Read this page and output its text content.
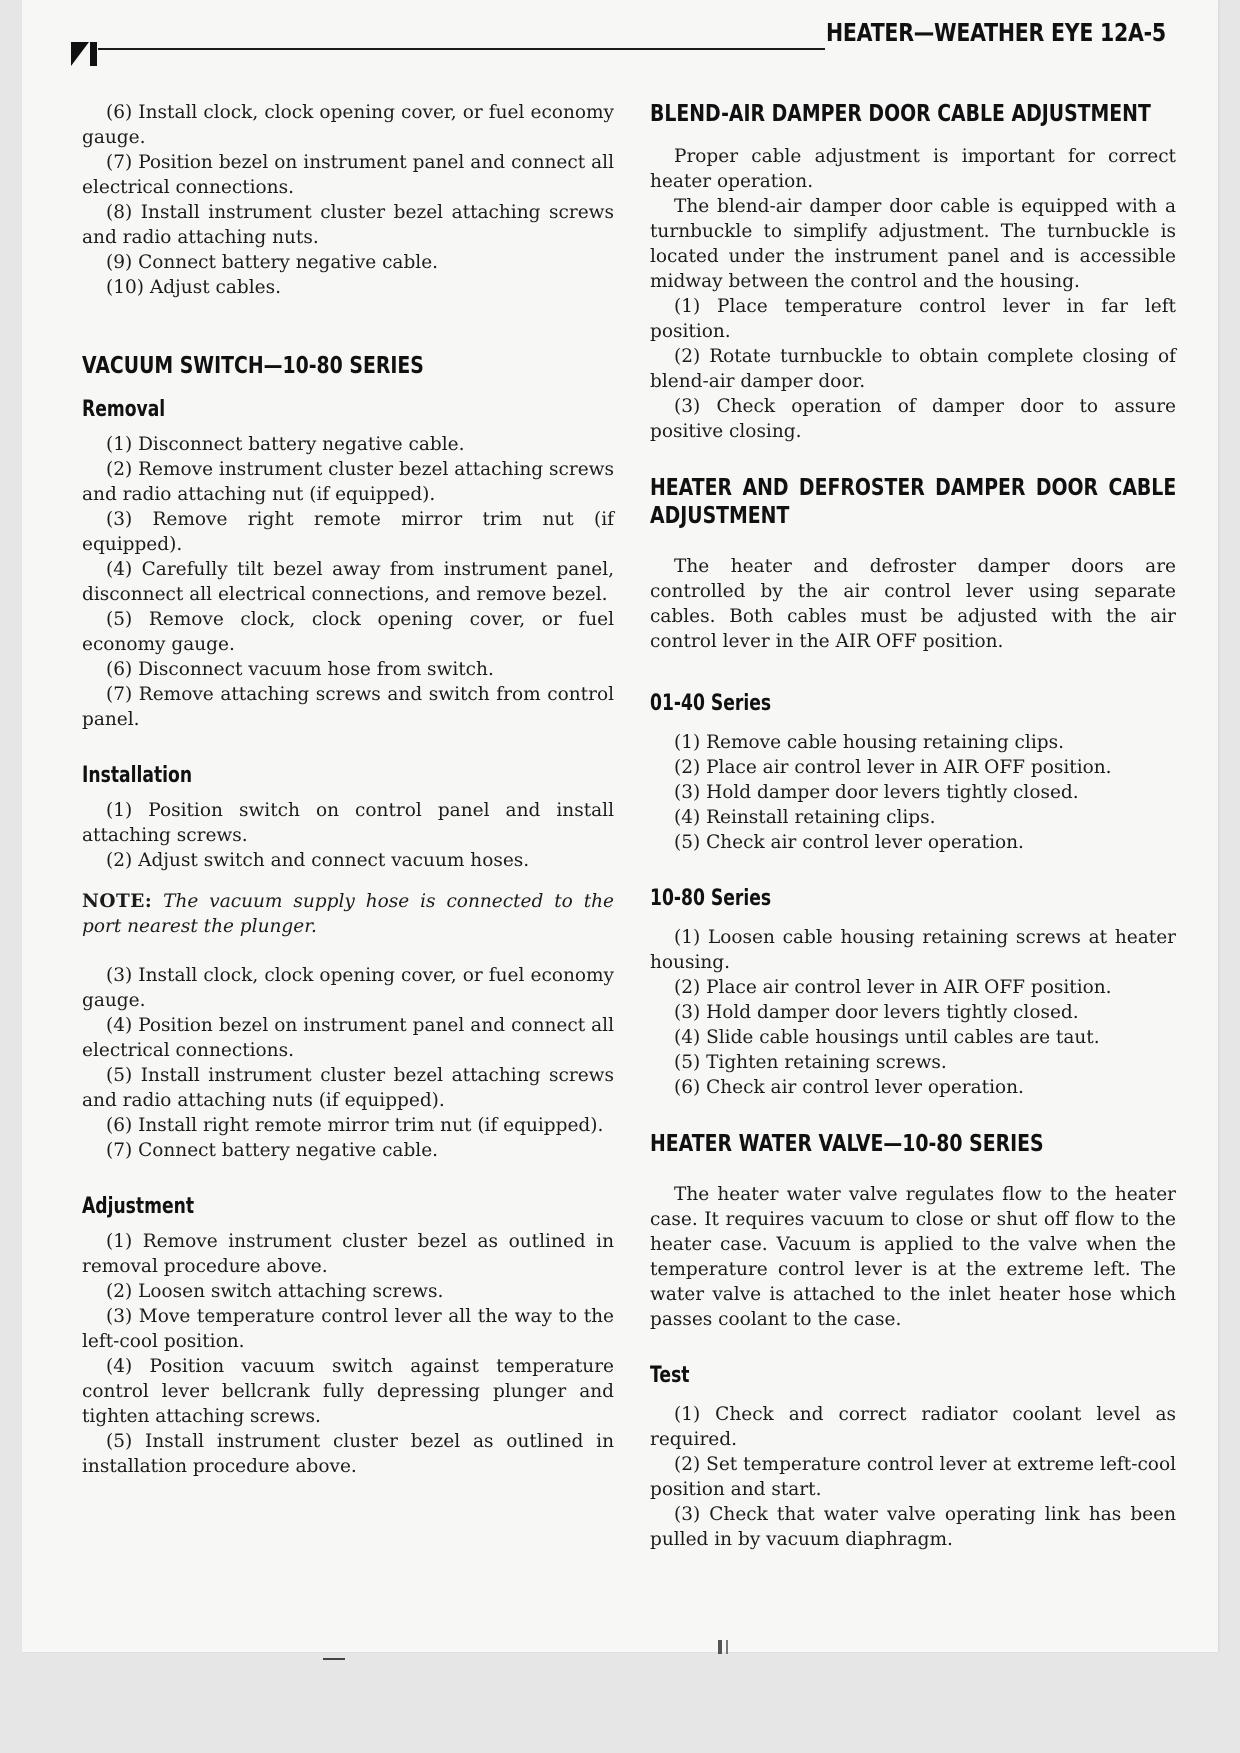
HEATER—WEATHER EYE 12A-5

(6) Install clock, clock opening cover, or fuel economy gauge.

(7) Position bezel on instrument panel and connect all electrical connections.

(8) Install instrument cluster bezel attaching screws and radio attaching nuts.

(9) Connect battery negative cable.

(10) Adjust cables.

VACUUM SWITCH—10-80 SERIES
Removal

(1) Disconnect battery negative cable.

(2) Remove instrument cluster bezel attaching screws and radio attaching nut (if equipped).

(3) Remove right remote mirror trim nut (if equipped).

(4) Carefully tilt bezel away from instrument panel, disconnect all electrical connections, and remove bezel.

(5) Remove clock, clock opening cover, or fuel economy gauge.

(6) Disconnect vacuum hose from switch.

(7) Remove attaching screws and switch from control panel.

Installation

(1) Position switch on control panel and install attaching screws.

(2) Adjust switch and connect vacuum hoses.

NOTE: The vacuum supply hose is connected to the port nearest the plunger.

(3) Install clock, clock opening cover, or fuel economy gauge.

(4) Position bezel on instrument panel and connect all electrical connections.

(5) Install instrument cluster bezel attaching screws and radio attaching nuts (if equipped).

(6) Install right remote mirror trim nut (if equipped).

(7) Connect battery negative cable.

Adjustment

(1) Remove instrument cluster bezel as outlined in removal procedure above.

(2) Loosen switch attaching screws.

(3) Move temperature control lever all the way to the left-cool position.

(4) Position vacuum switch against temperature control lever bellcrank fully depressing plunger and tighten attaching screws.

(5) Install instrument cluster bezel as outlined in installation procedure above.

BLEND-AIR DAMPER DOOR CABLE ADJUSTMENT

Proper cable adjustment is important for correct heater operation.

The blend-air damper door cable is equipped with a turnbuckle to simplify adjustment. The turnbuckle is located under the instrument panel and is accessible midway between the control and the housing.

(1) Place temperature control lever in far left position.

(2) Rotate turnbuckle to obtain complete closing of blend-air damper door.

(3) Check operation of damper door to assure positive closing.

HEATER AND DEFROSTER DAMPER DOOR CABLE ADJUSTMENT

The heater and defroster damper doors are controlled by the air control lever using separate cables. Both cables must be adjusted with the air control lever in the AIR OFF position.

01-40 Series

(1) Remove cable housing retaining clips.

(2) Place air control lever in AIR OFF position.

(3) Hold damper door levers tightly closed.

(4) Reinstall retaining clips.

(5) Check air control lever operation.

10-80 Series

(1) Loosen cable housing retaining screws at heater housing.

(2) Place air control lever in AIR OFF position.

(3) Hold damper door levers tightly closed.

(4) Slide cable housings until cables are taut.

(5) Tighten retaining screws.

(6) Check air control lever operation.

HEATER WATER VALVE—10-80 SERIES

The heater water valve regulates flow to the heater case. It requires vacuum to close or shut off flow to the heater case. Vacuum is applied to the valve when the temperature control lever is at the extreme left. The water valve is attached to the inlet heater hose which passes coolant to the case.

Test

(1) Check and correct radiator coolant level as required.

(2) Set temperature control lever at extreme left-cool position and start.

(3) Check that water valve operating link has been pulled in by vacuum diaphragm.
